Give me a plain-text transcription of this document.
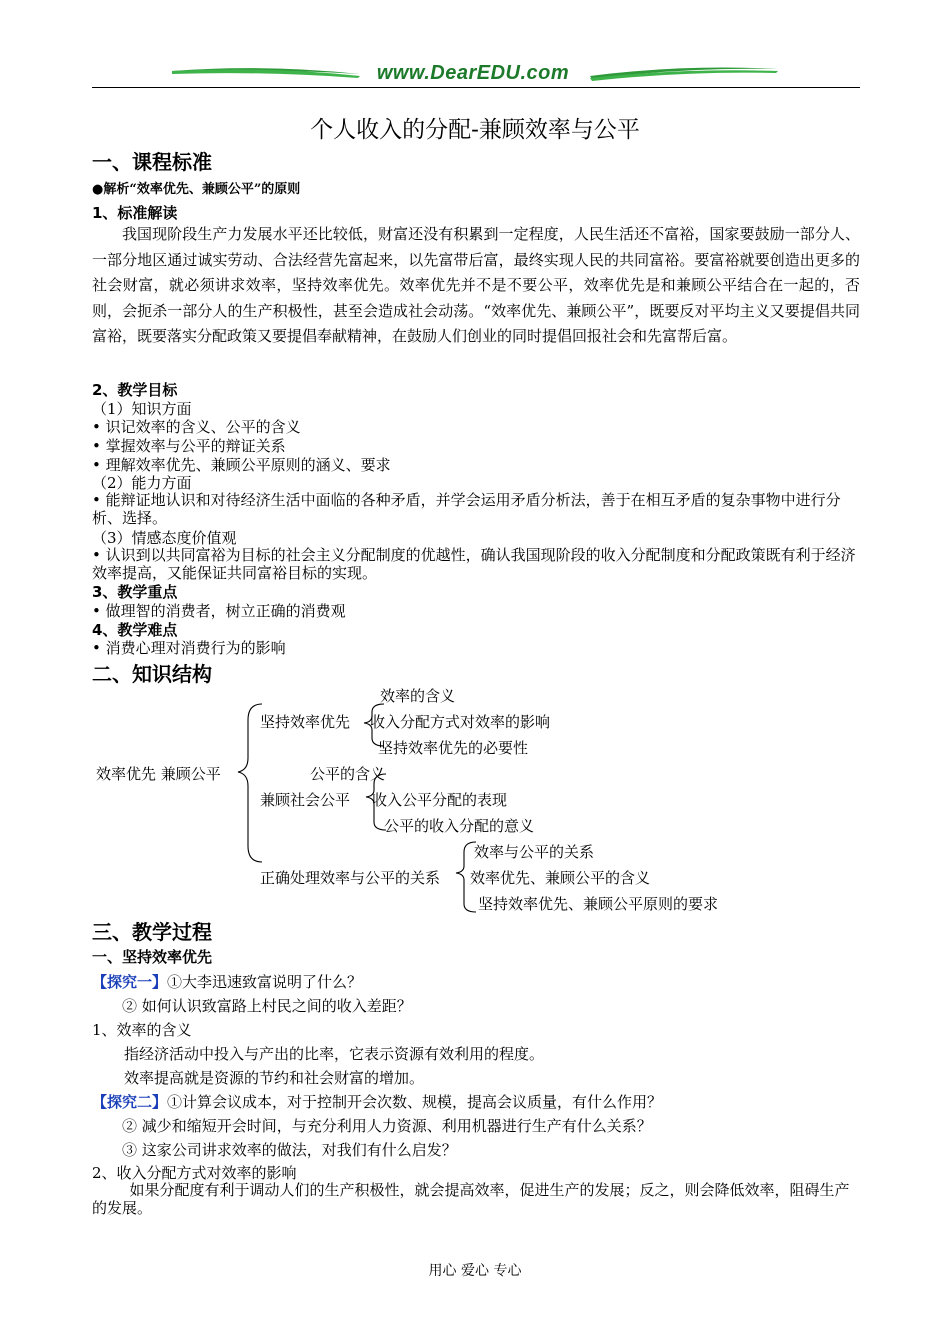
www.DearEDU.com
个人收入的分配-兼顾效率与公平
一、课程标准
●解析“效率优先、兼顾公平”的原则
1、标准解读

我国现阶段生产力发展水平还比较低，财富还没有积累到一定程度，人民生活还不富裕，国家要鼓励一部分人、一部分地区通过诚实劳动、合法经营先富起来，以先富带后富，最终实现人民的共同富裕。要富裕就要创造出更多的社会财富，就必须讲求效率，坚持效率优先。效率优先并不是不要公平，效率优先是和兼顾公平结合在一起的，否则，会扼杀一部分人的生产积极性，甚至会造成社会动荡。“效率优先、兼顾公平”，既要反对平均主义又要提倡共同富裕，既要落实分配政策又要提倡奉献精神，在鼓励人们创业的同时提倡回报社会和先富帮后富。

2、教学目标
（1）知识方面
• 识记效率的含义、公平的含义
• 掌握效率与公平的辩证关系
• 理解效率优先、兼顾公平原则的涵义、要求
（2）能力方面

• 能辩证地认识和对待经济生活中面临的各种矛盾，并学会运用矛盾分析法，善于在相互矛盾的复杂事物中进行分析、选择。

（3）情感态度价值观

• 认识到以共同富裕为目标的社会主义分配制度的优越性，确认我国现阶段的收入分配制度和分配政策既有利于经济效率提高，又能保证共同富裕目标的实现。

3、教学重点
• 做理智的消费者，树立正确的消费观
4、教学难点
• 消费心理对消费行为的影响
二、知识结构
效率优先 兼顾公平
坚持效率优先
效率的含义
收入分配方式对效率的影响
坚持效率优先的必要性
公平的含义
兼顾社会公平 收入公平分配的表现
公平的收入分配的意义
效率与公平的关系
正确处理效率与公平的关系 效率优先、兼顾公平的含义
坚持效率优先、兼顾公平原则的要求
三、教学过程
一、坚持效率优先
【探究一】①大李迅速致富说明了什么？
② 如何认识致富路上村民之间的收入差距？
1、效率的含义
指经济活动中投入与产出的比率，它表示资源有效利用的程度。
效率提高就是资源的节约和社会财富的增加。
【探究二】①计算会议成本，对于控制开会次数、规模，提高会议质量，有什么作用？
② 减少和缩短开会时间，与充分利用人力资源、利用机器进行生产有什么关系？
③ 这家公司讲求效率的做法，对我们有什么启发？
2、收入分配方式对效率的影响

如果分配度有利于调动人们的生产积极性，就会提高效率，促进生产的发展；反之，则会降低效率，阻碍生产的发展。

用心 爱心 专心
